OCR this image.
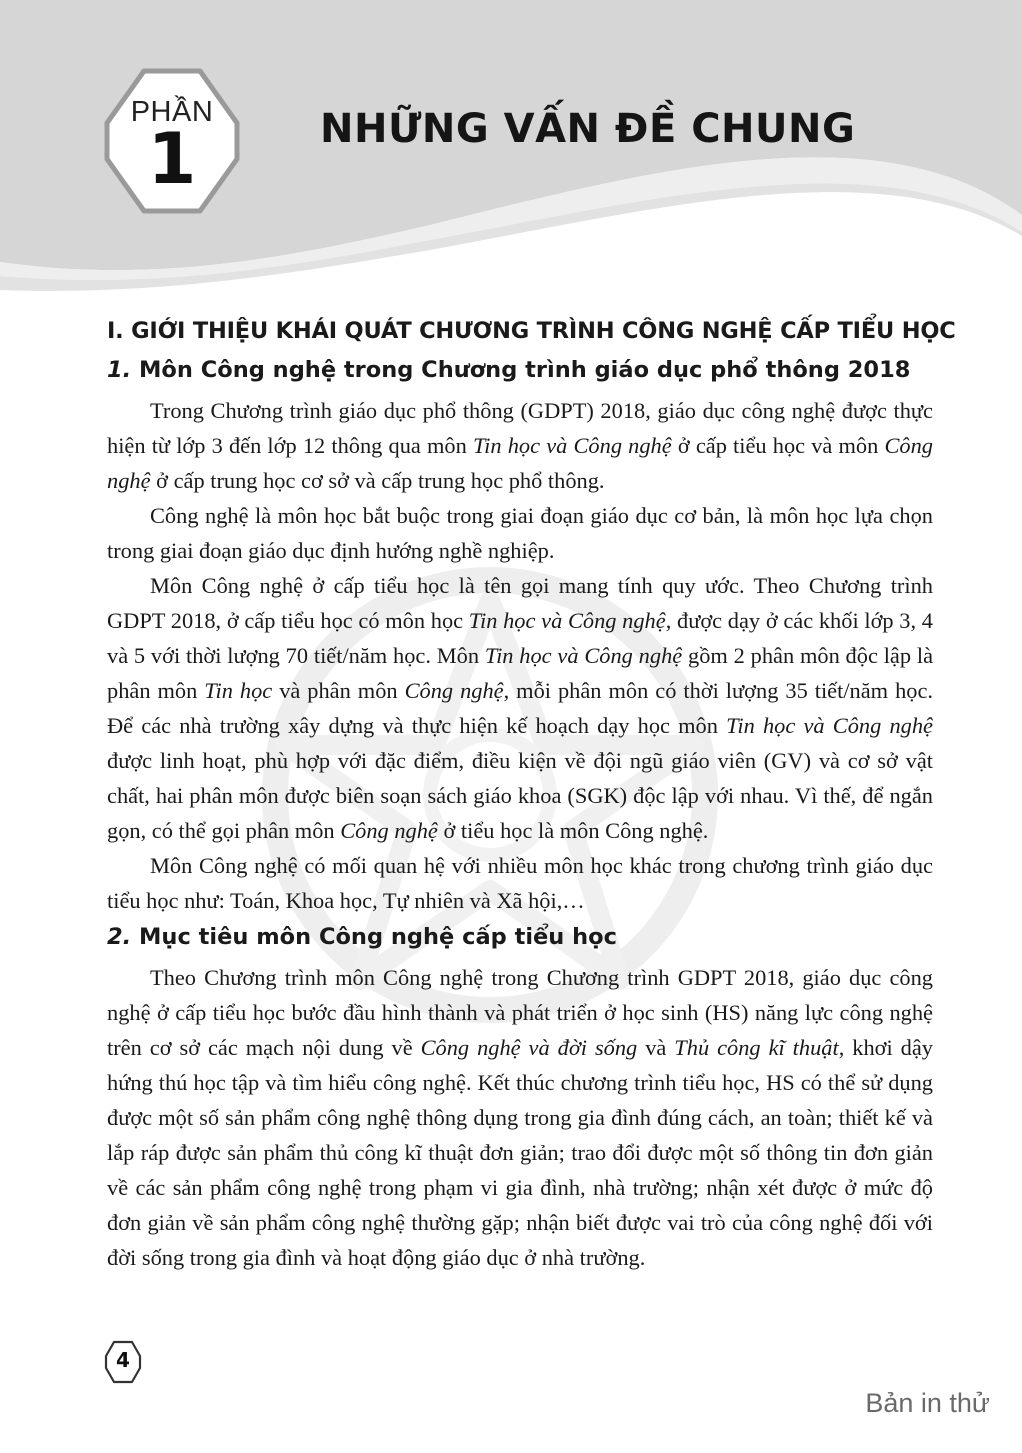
PHẦN
1	NHỮNG VẤN ĐỀ CHUNG
I. GIỚI THIỆU KHÁI QUÁT CHƯƠNG TRÌNH CÔNG NGHỆ CẤP TIỂU HỌC
1. Môn Công nghệ trong Chương trình giáo dục phổ thông 2018

Trong Chương trình giáo dục phổ thông (GDPT) 2018, giáo dục công nghệ được thực hiện từ lớp 3 đến lớp 12 thông qua môn Tin học và Công nghệ ở cấp tiểu học và môn Công nghệ ở cấp trung học cơ sở và cấp trung học phổ thông.

Công nghệ là môn học bắt buộc trong giai đoạn giáo dục cơ bản, là môn học lựa chọn trong giai đoạn giáo dục định hướng nghề nghiệp.

Môn Công nghệ ở cấp tiểu học là tên gọi mang tính quy ước. Theo Chương trình GDPT 2018, ở cấp tiểu học có môn học Tin học và Công nghệ, được dạy ở các khối lớp 3, 4 và 5 với thời lượng 70 tiết/năm học. Môn Tin học và Công nghệ gồm 2 phân môn độc lập là phân môn Tin học và phân môn Công nghệ, mỗi phân môn có thời lượng 35 tiết/năm học. Để các nhà trường xây dựng và thực hiện kế hoạch dạy học môn Tin học và Công nghệ được linh hoạt, phù hợp với đặc điểm, điều kiện về đội ngũ giáo viên (GV) và cơ sở vật chất, hai phân môn được biên soạn sách giáo khoa (SGK) độc lập với nhau. Vì thế, để ngắn gọn, có thể gọi phân môn Công nghệ ở tiểu học là môn Công nghệ.

Môn Công nghệ có mối quan hệ với nhiều môn học khác trong chương trình giáo dục tiểu học như: Toán, Khoa học, Tự nhiên và Xã hội,…

2. Mục tiêu môn Công nghệ cấp tiểu học

Theo Chương trình môn Công nghệ trong Chương trình GDPT 2018, giáo dục công nghệ ở cấp tiểu học bước đầu hình thành và phát triển ở học sinh (HS) năng lực công nghệ trên cơ sở các mạch nội dung về Công nghệ và đời sống và Thủ công kĩ thuật, khơi dậy hứng thú học tập và tìm hiểu công nghệ. Kết thúc chương trình tiểu học, HS có thể sử dụng được một số sản phẩm công nghệ thông dụng trong gia đình đúng cách, an toàn; thiết kế và lắp ráp được sản phẩm thủ công kĩ thuật đơn giản; trao đổi được một số thông tin đơn giản về các sản phẩm công nghệ trong phạm vi gia đình, nhà trường; nhận xét được ở mức độ đơn giản về sản phẩm công nghệ thường gặp; nhận biết được vai trò của công nghệ đối với đời sống trong gia đình và hoạt động giáo dục ở nhà trường.

4
Bản in thử
